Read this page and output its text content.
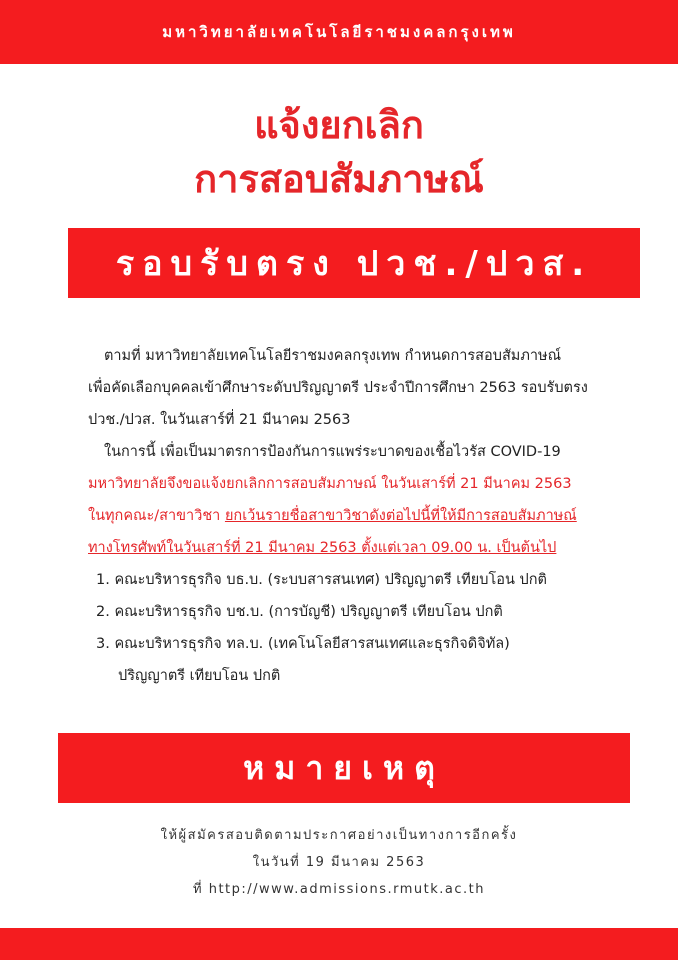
มหาวิทยาลัยเทคโนโลยีราชมงคลกรุงเทพ
แจ้งยกเลิก
การสอบสัมภาษณ์
รอบรับตรง ปวช./ปวส.
ตามที่ มหาวิทยาลัยเทคโนโลยีราชมงคลกรุงเทพ กำหนดการสอบสัมภาษณ์
เพื่อคัดเลือกบุคคลเข้าศึกษาระดับปริญญาตรี ประจำปีการศึกษา 2563 รอบรับตรง
ปวช./ปวส. ในวันเสาร์ที่ 21 มีนาคม 2563
ในการนี้ เพื่อเป็นมาตรการป้องกันการแพร่ระบาดของเชื้อไวรัส COVID-19
มหาวิทยาลัยจึงขอแจ้งยกเลิกการสอบสัมภาษณ์ ในวันเสาร์ที่ 21 มีนาคม 2563
ในทุกคณะ/สาขาวิชา ยกเว้นรายชื่อสาขาวิชาดังต่อไปนี้ที่ให้มีการสอบสัมภาษณ์
ทางโทรศัพท์ในวันเสาร์ที่ 21 มีนาคม 2563 ตั้งแต่เวลา 09.00 น. เป็นต้นไป
1. คณะบริหารธุรกิจ บธ.บ. (ระบบสารสนเทศ) ปริญญาตรี เทียบโอน ปกติ
2. คณะบริหารธุรกิจ บช.บ. (การบัญชี) ปริญญาตรี เทียบโอน ปกติ
3. คณะบริหารธุรกิจ ทล.บ. (เทคโนโลยีสารสนเทศและธุรกิจดิจิทัล)
ปริญญาตรี เทียบโอน ปกติ
หมายเหตุ
ให้ผู้สมัครสอบติดตามประกาศอย่างเป็นทางการอีกครั้ง
ในวันที่ 19 มีนาคม 2563
ที่ http://www.admissions.rmutk.ac.th
